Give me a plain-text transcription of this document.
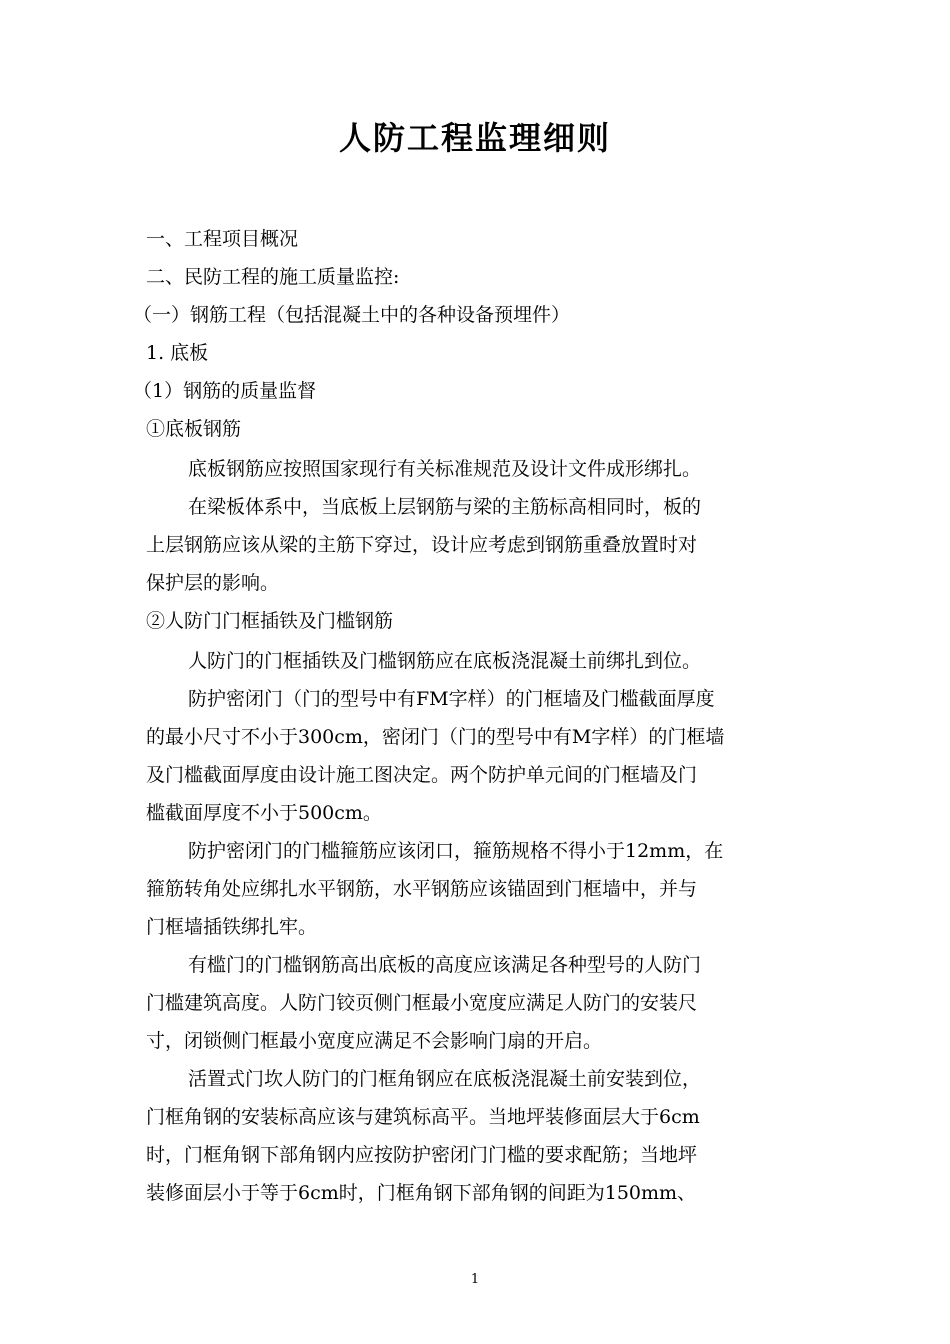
人防工程监理细则

一、工程项目概况

二、民防工程的施工质量监控:

（一）钢筋工程（包括混凝土中的各种设备预埋件）

1. 底板

（1）钢筋的质量监督

①底板钢筋

底板钢筋应按照国家现行有关标准规范及设计文件成形绑扎。

在梁板体系中，当底板上层钢筋与梁的主筋标高相同时，板的

上层钢筋应该从梁的主筋下穿过，设计应考虑到钢筋重叠放置时对

保护层的影响。

②人防门门框插铁及门槛钢筋

人防门的门框插铁及门槛钢筋应在底板浇混凝土前绑扎到位。

防护密闭门（门的型号中有FM字样）的门框墙及门槛截面厚度

的最小尺寸不小于300cm，密闭门（门的型号中有M字样）的门框墙

及门槛截面厚度由设计施工图决定。两个防护单元间的门框墙及门

槛截面厚度不小于500cm。

防护密闭门的门槛箍筋应该闭口，箍筋规格不得小于12mm，在

箍筋转角处应绑扎水平钢筋，水平钢筋应该锚固到门框墙中，并与

门框墙插铁绑扎牢。

有槛门的门槛钢筋高出底板的高度应该满足各种型号的人防门

门槛建筑高度。人防门铰页侧门框最小宽度应满足人防门的安装尺

寸，闭锁侧门框最小宽度应满足不会影响门扇的开启。

活置式门坎人防门的门框角钢应在底板浇混凝土前安装到位，

门框角钢的安装标高应该与建筑标高平。当地坪装修面层大于6cm

时，门框角钢下部角钢内应按防护密闭门门槛的要求配筋；当地坪

装修面层小于等于6cm时，门框角钢下部角钢的间距为150mm、

1
